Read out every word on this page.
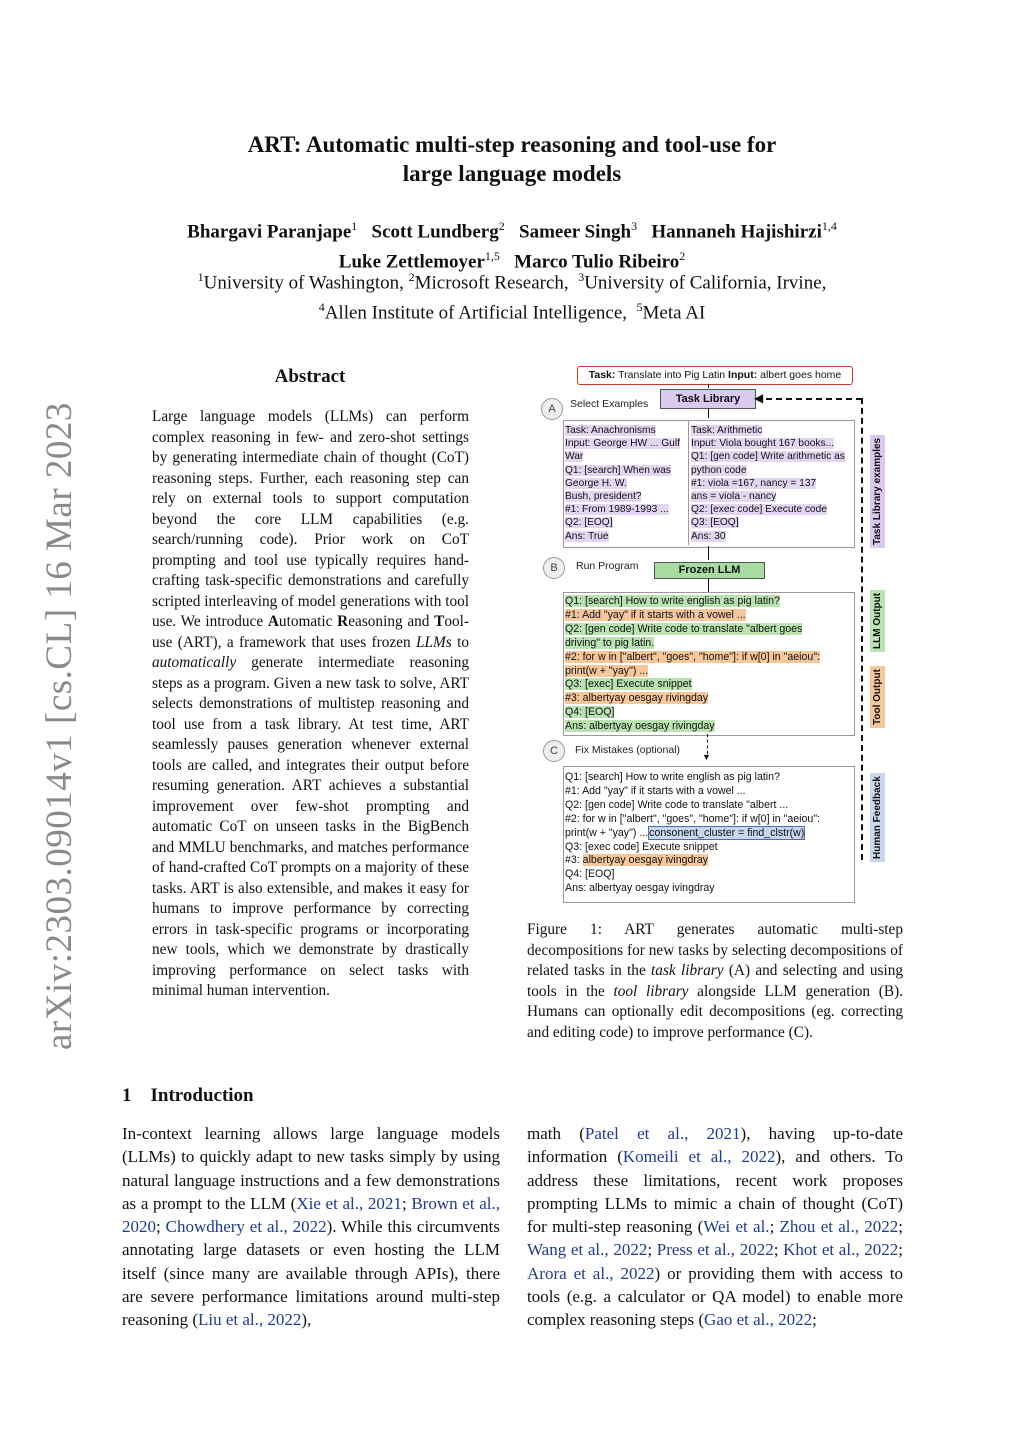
ART: Automatic multi-step reasoning and tool-use for
large language models
Bhargavi Paranjape$^1$ Scott Lundberg$^2$ Sameer Singh$^3$ Hannaneh Hajishirzi$^{1,4}$
Luke Zettlemoyer$^{1,5}$ Marco Tulio Ribeiro$^2$
$^1$University of Washington, $^2$Microsoft Research, $^3$University of California, Irvine,
$^4$Allen Institute of Artificial Intelligence, $^5$Meta AI
arXiv:2303.09014v1 [cs.CL] 16 Mar 2023
Abstract
Large language models (LLMs) can perform complex reasoning in few- and zero-shot settings by generating intermediate chain of thought (CoT) reasoning steps. Further, each reasoning step can rely on external tools to support computation beyond the core LLM capabilities (e.g. search/running code). Prior work on CoT prompting and tool use typically requires hand-crafting task-specific demonstrations and carefully scripted interleaving of model generations with tool use. We introduce Automatic Reasoning and Tool-use (ART), a framework that uses frozen LLMs to automatically generate intermediate reasoning steps as a program. Given a new task to solve, ART selects demonstrations of multistep reasoning and tool use from a task library. At test time, ART seamlessly pauses generation whenever external tools are called, and integrates their output before resuming generation. ART achieves a substantial improvement over few-shot prompting and automatic CoT on unseen tasks in the BigBench and MMLU benchmarks, and matches performance of hand-crafted CoT prompts on a majority of these tasks. ART is also extensible, and makes it easy for humans to improve performance by correcting errors in task-specific programs or incorporating new tools, which we demonstrate by drastically improving performance on select tasks with minimal human intervention.
Task: Translate into Pig Latin Input: albert goes home
Task Library	◀
A	Select Examples
Task: Anachronisms
Input: George HW ... Gulf
War
Q1: [search] When was
George H. W.
Bush, president?
#1: From 1989-1993 ...
Q2: [EOQ]
Ans: True
Task: Arithmetic
Input: Viola bought 167 books...
Q1: [gen code] Write arithmetic as
python code
#1: viola =167, nancy = 137
ans = viola - nancy
Q2: [exec code] Execute code
Q3: [EOQ]
Ans: 30	Task Library examples
B	Run Program	Frozen LLM
Q1: [search] How to write english as pig latin?
#1: Add "yay" if it starts with a vowel ...
Q2: [gen code] Write code to translate "albert goes
driving" to pig latin.
#2: for w in ["albert", "goes", "home"]: if w[0] in "aeiou":
print(w + "yay") ...
Q3: [exec] Execute snippet
#3: albertyay oesgay rivingday
Q4: [EOQ]
Ans: albertyay oesgay rivingday
LLM Output
Tool Output
C	Fix Mistakes (optional)
▼
Q1: [search] How to write english as pig latin?
#1: Add "yay" if it starts with a vowel ...
Q2: [gen code] Write code to translate "albert ...
#2: for w in ["albert", "goes", "home"]: if w[0] in "aeiou":
print(w + "yay") ...consonent_cluster = find_clstr(w)
Q3: [exec code] Execute snippet
#3: albertyay oesgay ivingdray
Q4: [EOQ]
Ans: albertyay oesgay ivingdray
Human Feedback
Figure 1: ART generates automatic multi-step decompositions for new tasks by selecting decompositions of related tasks in the task library (A) and selecting and using tools in the tool library alongside LLM generation (B). Humans can optionally edit decompositions (eg. correcting and editing code) to improve performance (C).
1 Introduction
In-context learning allows large language models (LLMs) to quickly adapt to new tasks simply by using natural language instructions and a few demonstrations as a prompt to the LLM (Xie et al., 2021; Brown et al., 2020; Chowdhery et al., 2022). While this circumvents annotating large datasets or even hosting the LLM itself (since many are available through APIs), there are severe performance limitations around multi-step reasoning (Liu et al., 2022),
math (Patel et al., 2021), having up-to-date information (Komeili et al., 2022), and others. To address these limitations, recent work proposes prompting LLMs to mimic a chain of thought (CoT) for multi-step reasoning (Wei et al.; Zhou et al., 2022; Wang et al., 2022; Press et al., 2022; Khot et al., 2022; Arora et al., 2022) or providing them with access to tools (e.g. a calculator or QA model) to enable more complex reasoning steps (Gao et al., 2022;
